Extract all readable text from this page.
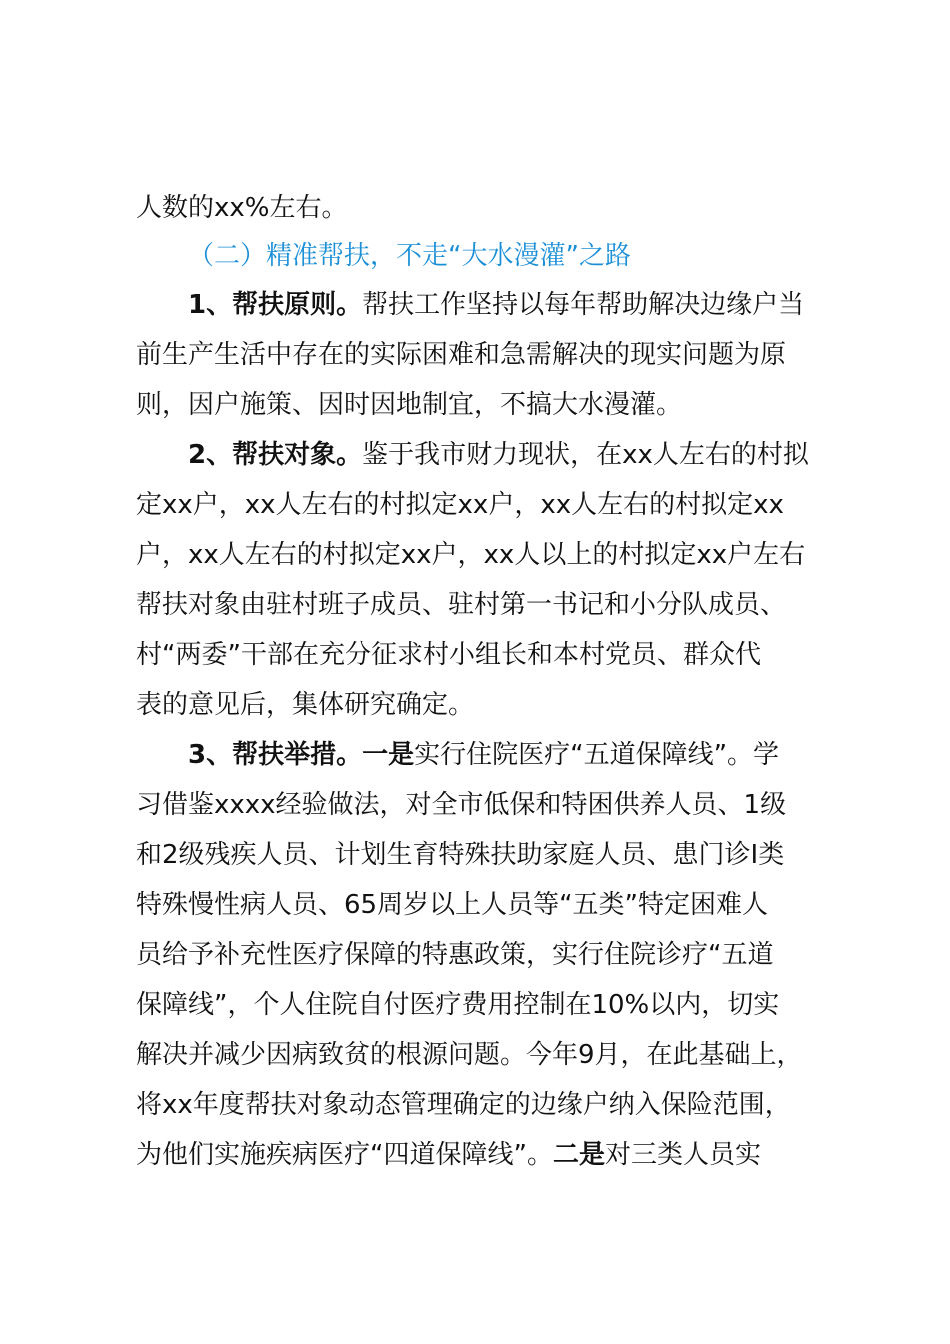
人数的xx%左右。
（二）精准帮扶，不走“大水漫灌”之路
1、帮扶原则。帮扶工作坚持以每年帮助解决边缘户当
前生产生活中存在的实际困难和急需解决的现实问题为原
则，因户施策、因时因地制宜，不搞大水漫灌。
2、帮扶对象。鉴于我市财力现状，在xx人左右的村拟
定xx户，xx人左右的村拟定xx户，xx人左右的村拟定xx
户，xx人左右的村拟定xx户，xx人以上的村拟定xx户左右
帮扶对象由驻村班子成员、驻村第一书记和小分队成员、
村“两委”干部在充分征求村小组长和本村党员、群众代
表的意见后，集体研究确定。
3、帮扶举措。一是实行住院医疗“五道保障线”。学
习借鉴xxxx经验做法，对全市低保和特困供养人员、1级
和2级残疾人员、计划生育特殊扶助家庭人员、患门诊Ⅰ类
特殊慢性病人员、65周岁以上人员等“五类”特定困难人
员给予补充性医疗保障的特惠政策，实行住院诊疗“五道
保障线”，个人住院自付医疗费用控制在10%以内，切实
解决并减少因病致贫的根源问题。今年9月，在此基础上，
将xx年度帮扶对象动态管理确定的边缘户纳入保险范围，
为他们实施疾病医疗“四道保障线”。二是对三类人员实
